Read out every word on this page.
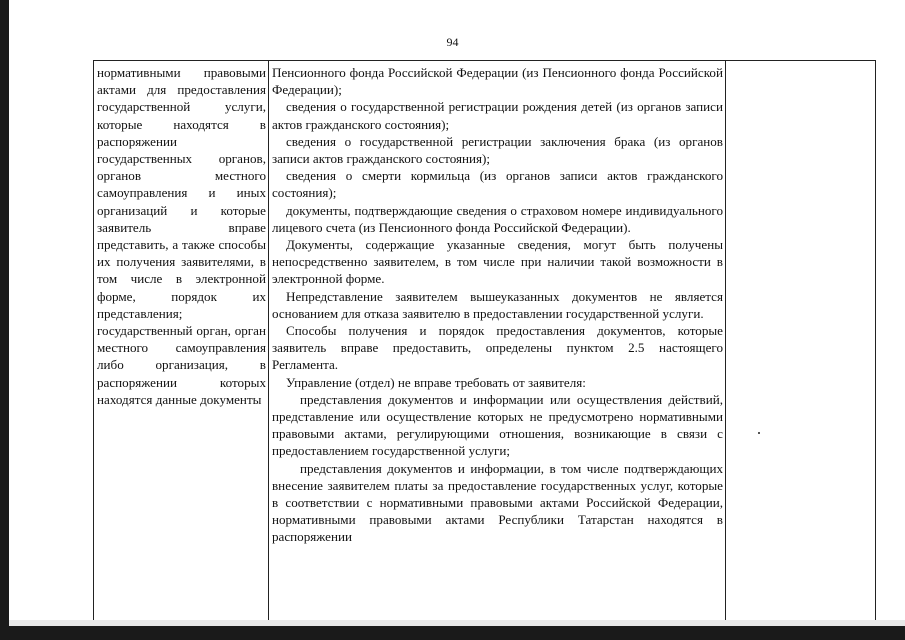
94

нормативными правовыми актами для предоставления государственной услуги, которые находятся в распоряжении государственных органов, органов местного самоуправления и иных организаций и которые заявитель вправе представить, а также способы их получения заявителями, в том числе в электронной форме, порядок их представления; государственный орган, орган местного самоуправления либо организация, в распоряжении которых находятся данные документы

Пенсионного фонда Российской Федерации (из Пенсионного фонда Российской Федерации);

сведения о государственной регистрации рождения детей (из органов записи актов гражданского состояния);

сведения о государственной регистрации заключения брака (из органов записи актов гражданского состояния);

сведения о смерти кормильца (из органов записи актов гражданского состояния);

документы, подтверждающие сведения о страховом номере индивидуального лицевого счета (из Пенсионного фонда Российской Федерации).

Документы, содержащие указанные сведения, могут быть получены непосредственно заявителем, в том числе при наличии такой возможности в электронной форме.

Непредставление заявителем вышеуказанных документов не является основанием для отказа заявителю в предоставлении государственной услуги.

Способы получения и порядок предоставления документов, которые заявитель вправе предоставить, определены пунктом 2.5 настоящего Регламента.

Управление (отдел) не вправе требовать от заявителя:

представления документов и информации или осуществления действий, представление или осуществление которых не предусмотрено нормативными правовыми актами, регулирующими отношения, возникающие в связи с предоставлением государственной услуги;

представления документов и информации, в том числе подтверждающих внесение заявителем платы за предоставление государственных услуг, которые в соответствии с нормативными правовыми актами Российской Федерации, нормативными правовыми актами Республики Татарстан находятся в распоряжении
